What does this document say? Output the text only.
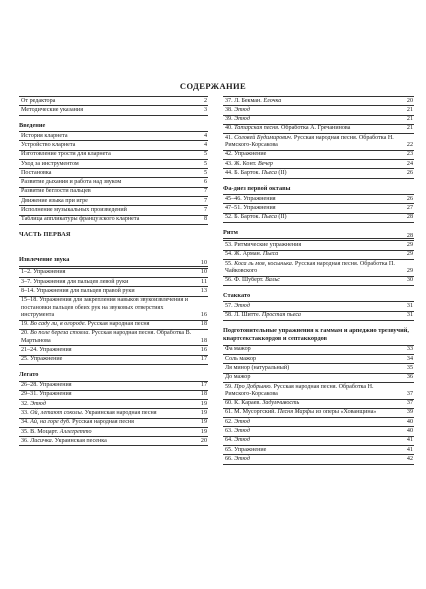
СОДЕРЖАНИЕ
От редактора	2
Методические указания	3
Введение
История кларнета	4
Устройство кларнета	4
Изготовление трости для кларнета	5
Уход за инструментом	5
Постановка	5
Развитие дыхания и работа над звуком	6
Развитие беглости пальцев	7
Движение языка при игре	7
Исполнение музыкальных произведений	7
Таблица аппликатуры французского кларнета	8
ЧАСТЬ ПЕРВАЯ
Извлечение звука	10
1–2. Упражнения	10
3–7. Упражнения для пальцев левой руки	11
8–14. Упражнения для пальцев правой руки	13
15–18. Упражнения для закрепления навыков звукоизвлечения и постановки пальцев обеих рук на звуковых отверстиях инструмента	16
19. Во саду ли, в огороде. Русская народная песня	18
20. Во поле береза стояла. Русская народная песня. Обработка В. Мартынова	18
21–24. Упражнения	16
25. Упражнение	17
Легато
26–28. Упражнения	17
29–31. Упражнения	18
32. Этюд	19
33. Ой, летают соколы. Украинская народная песня	19
34. Ай, на горе дуб. Русская народная песня	19
35. В. Моцарт. Аллегретто	19
36. Лисичка. Украинская песенка	20
37. Л. Бекман. Ёлочка	20
38. Этюд	21
39. Этюд	21
40. Татарская песня. Обработка А. Гречанинова	21
41. Соловей Будимирович. Русская народная песня. Обработка Н. Римского-Корсакова	22
42. Упражнение	23
43. Ж. Конт. Вечер	24
44. Б. Барток. Пьеса (II)	26
Фа-диез первой октавы
45–46. Упражнения	26
47–51. Упражнения	27
52. Б. Барток. Пьеса (II)	28
Ритм	28
53. Ритмические упражнения	29
54. Ж. Арман. Пьеса	29
55. Коса ль моя, косынька. Русская народная песня. Обработка П. Чайковского	29
56. Ф. Шуберт. Вальс	30
Стаккато
57. Этюд	31
58. Л. Шитте. Простая пьеса	31
Подготовительные упражнения к гаммам и арпеджио трезвучий, квартсекстаккордов и септаккордов
Фа мажор	33
Соль мажор	34
Ля минор (натуральный)	35
До мажор	36
59. Про Добрыню. Русская народная песня. Обработка Н. Римского-Корсакова	37
60. К. Караев. Задумчивость	37
61. М. Мусоргский. Песня Марфы из оперы «Хованщина»	39
62. Этюд	40
63. Этюд	40
64. Этюд	41
65. Упражнение	41
66. Этюд	42
